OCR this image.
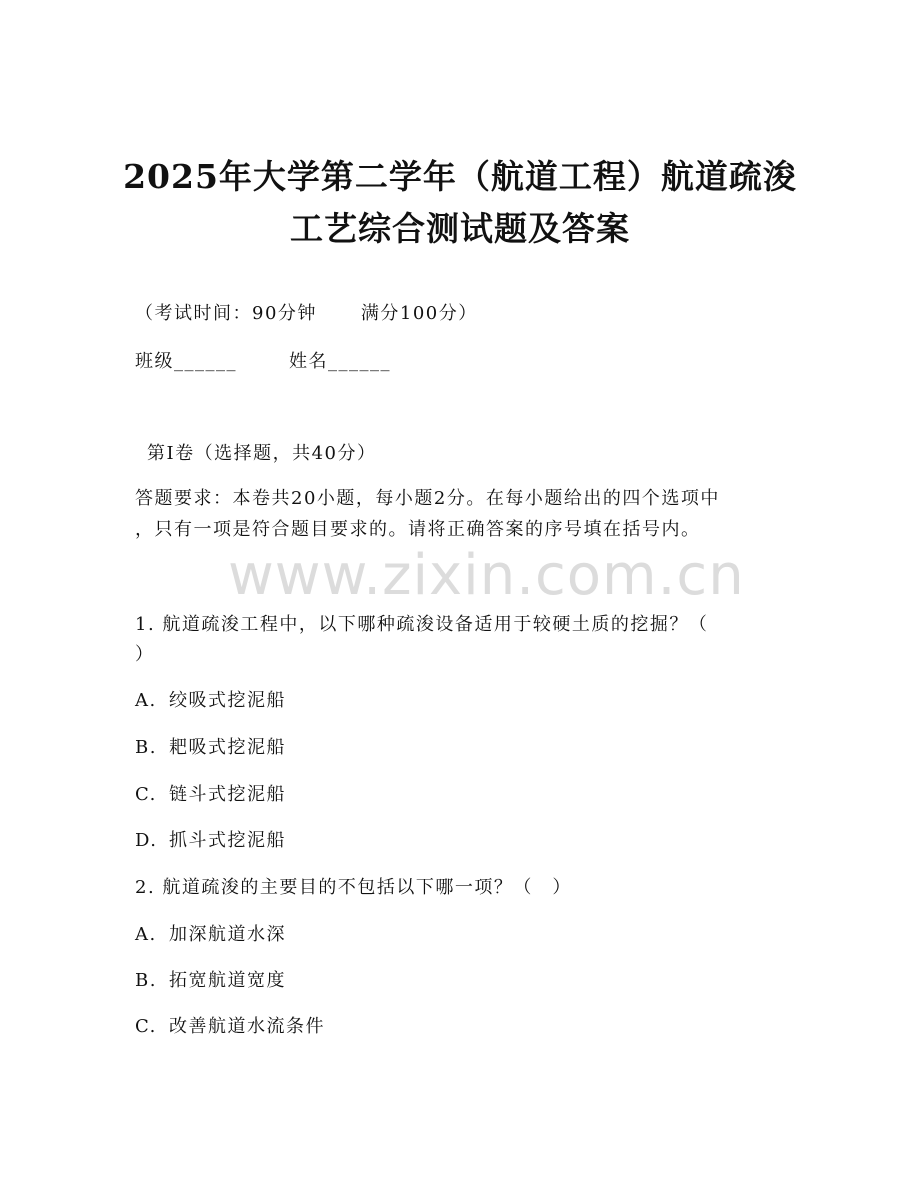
2025年大学第二学年（航道工程）航道疏浚
工艺综合测试题及答案
（考试时间：90分钟 满分100分）
班级______	姓名______
第Ⅰ卷（选择题，共40分）
答题要求：本卷共20小题，每小题2分。在每小题给出的四个选项中
，只有一项是符合题目要求的。请将正确答案的序号填在括号内。
www.zixin.com.cn
1. 航道疏浚工程中，以下哪种疏浚设备适用于较硬土质的挖掘？（
）
A. 绞吸式挖泥船
B. 耙吸式挖泥船
C. 链斗式挖泥船
D. 抓斗式挖泥船
2. 航道疏浚的主要目的不包括以下哪一项？（　）
A. 加深航道水深
B. 拓宽航道宽度
C. 改善航道水流条件
